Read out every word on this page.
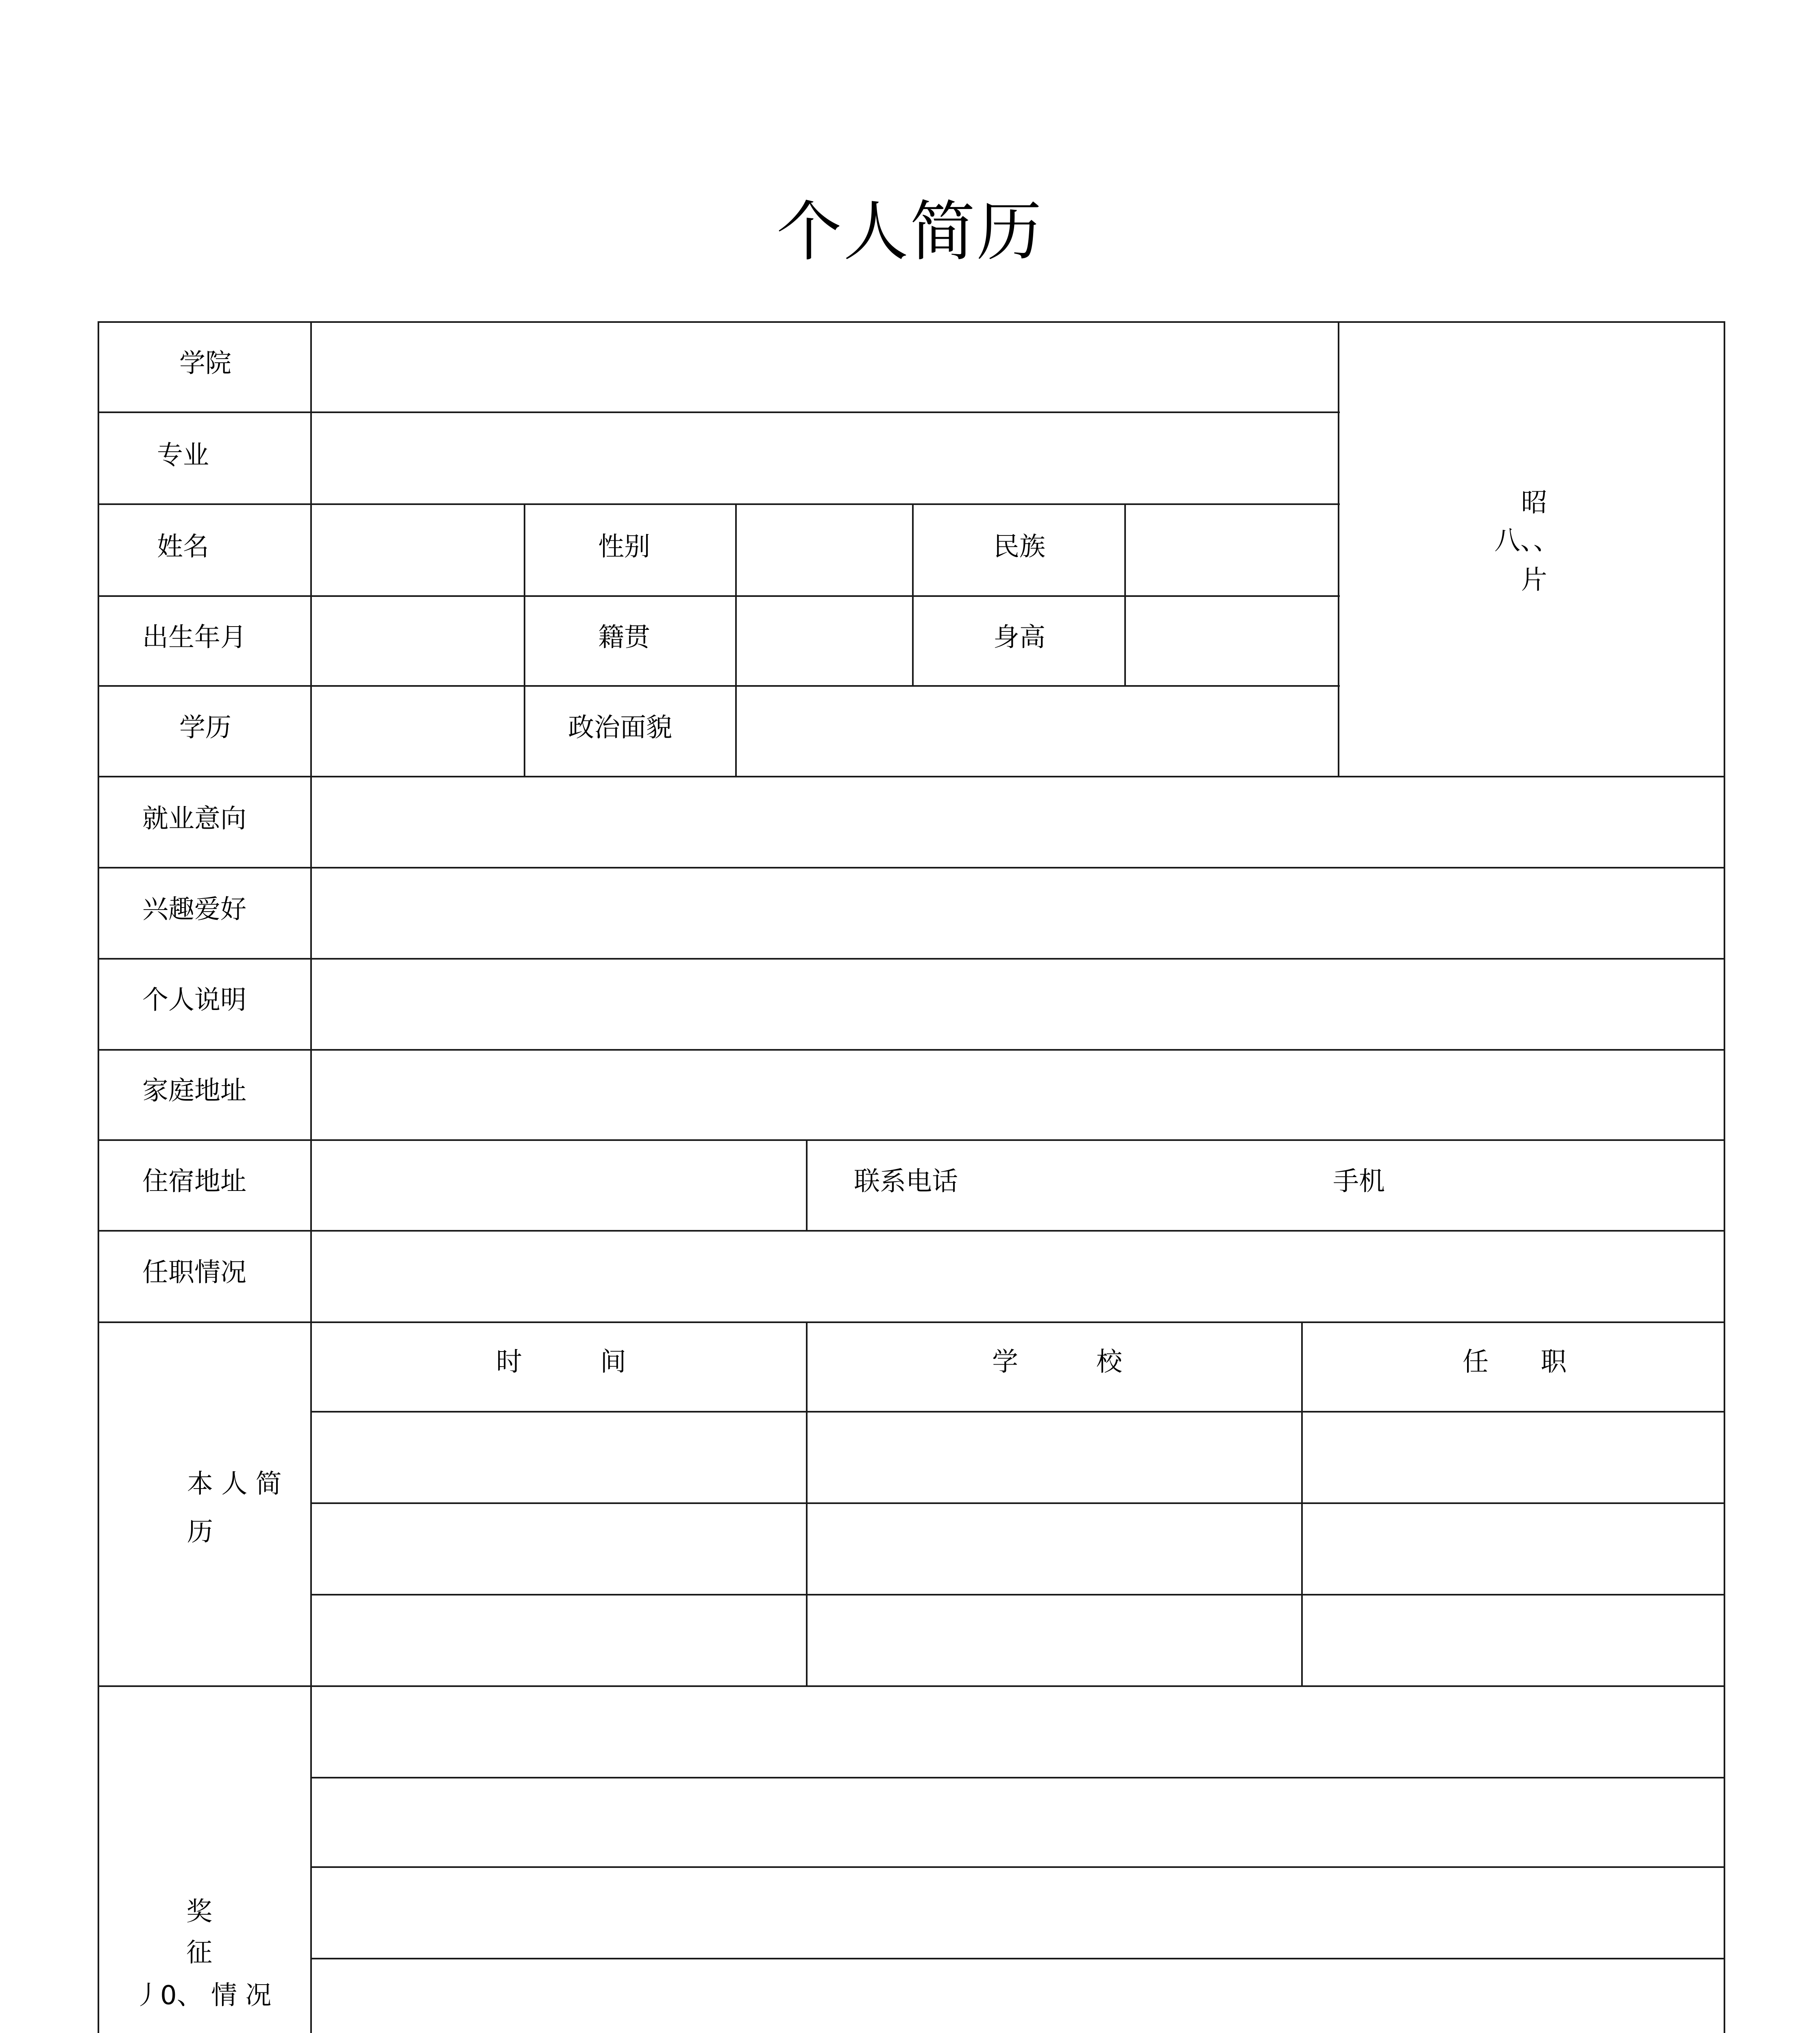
个人简历
学院
专业
姓名	性别	民族
出生年月	籍贯	身高
学历	政治面貌
昭
八、、
片
就业意向
兴趣爱好
个人说明
家庭地址
住宿地址	联系电话	手机
任职情况
时　　　间	学　　　校	任　　职
本 人 简
历
奖
征
丿0、 情 况
